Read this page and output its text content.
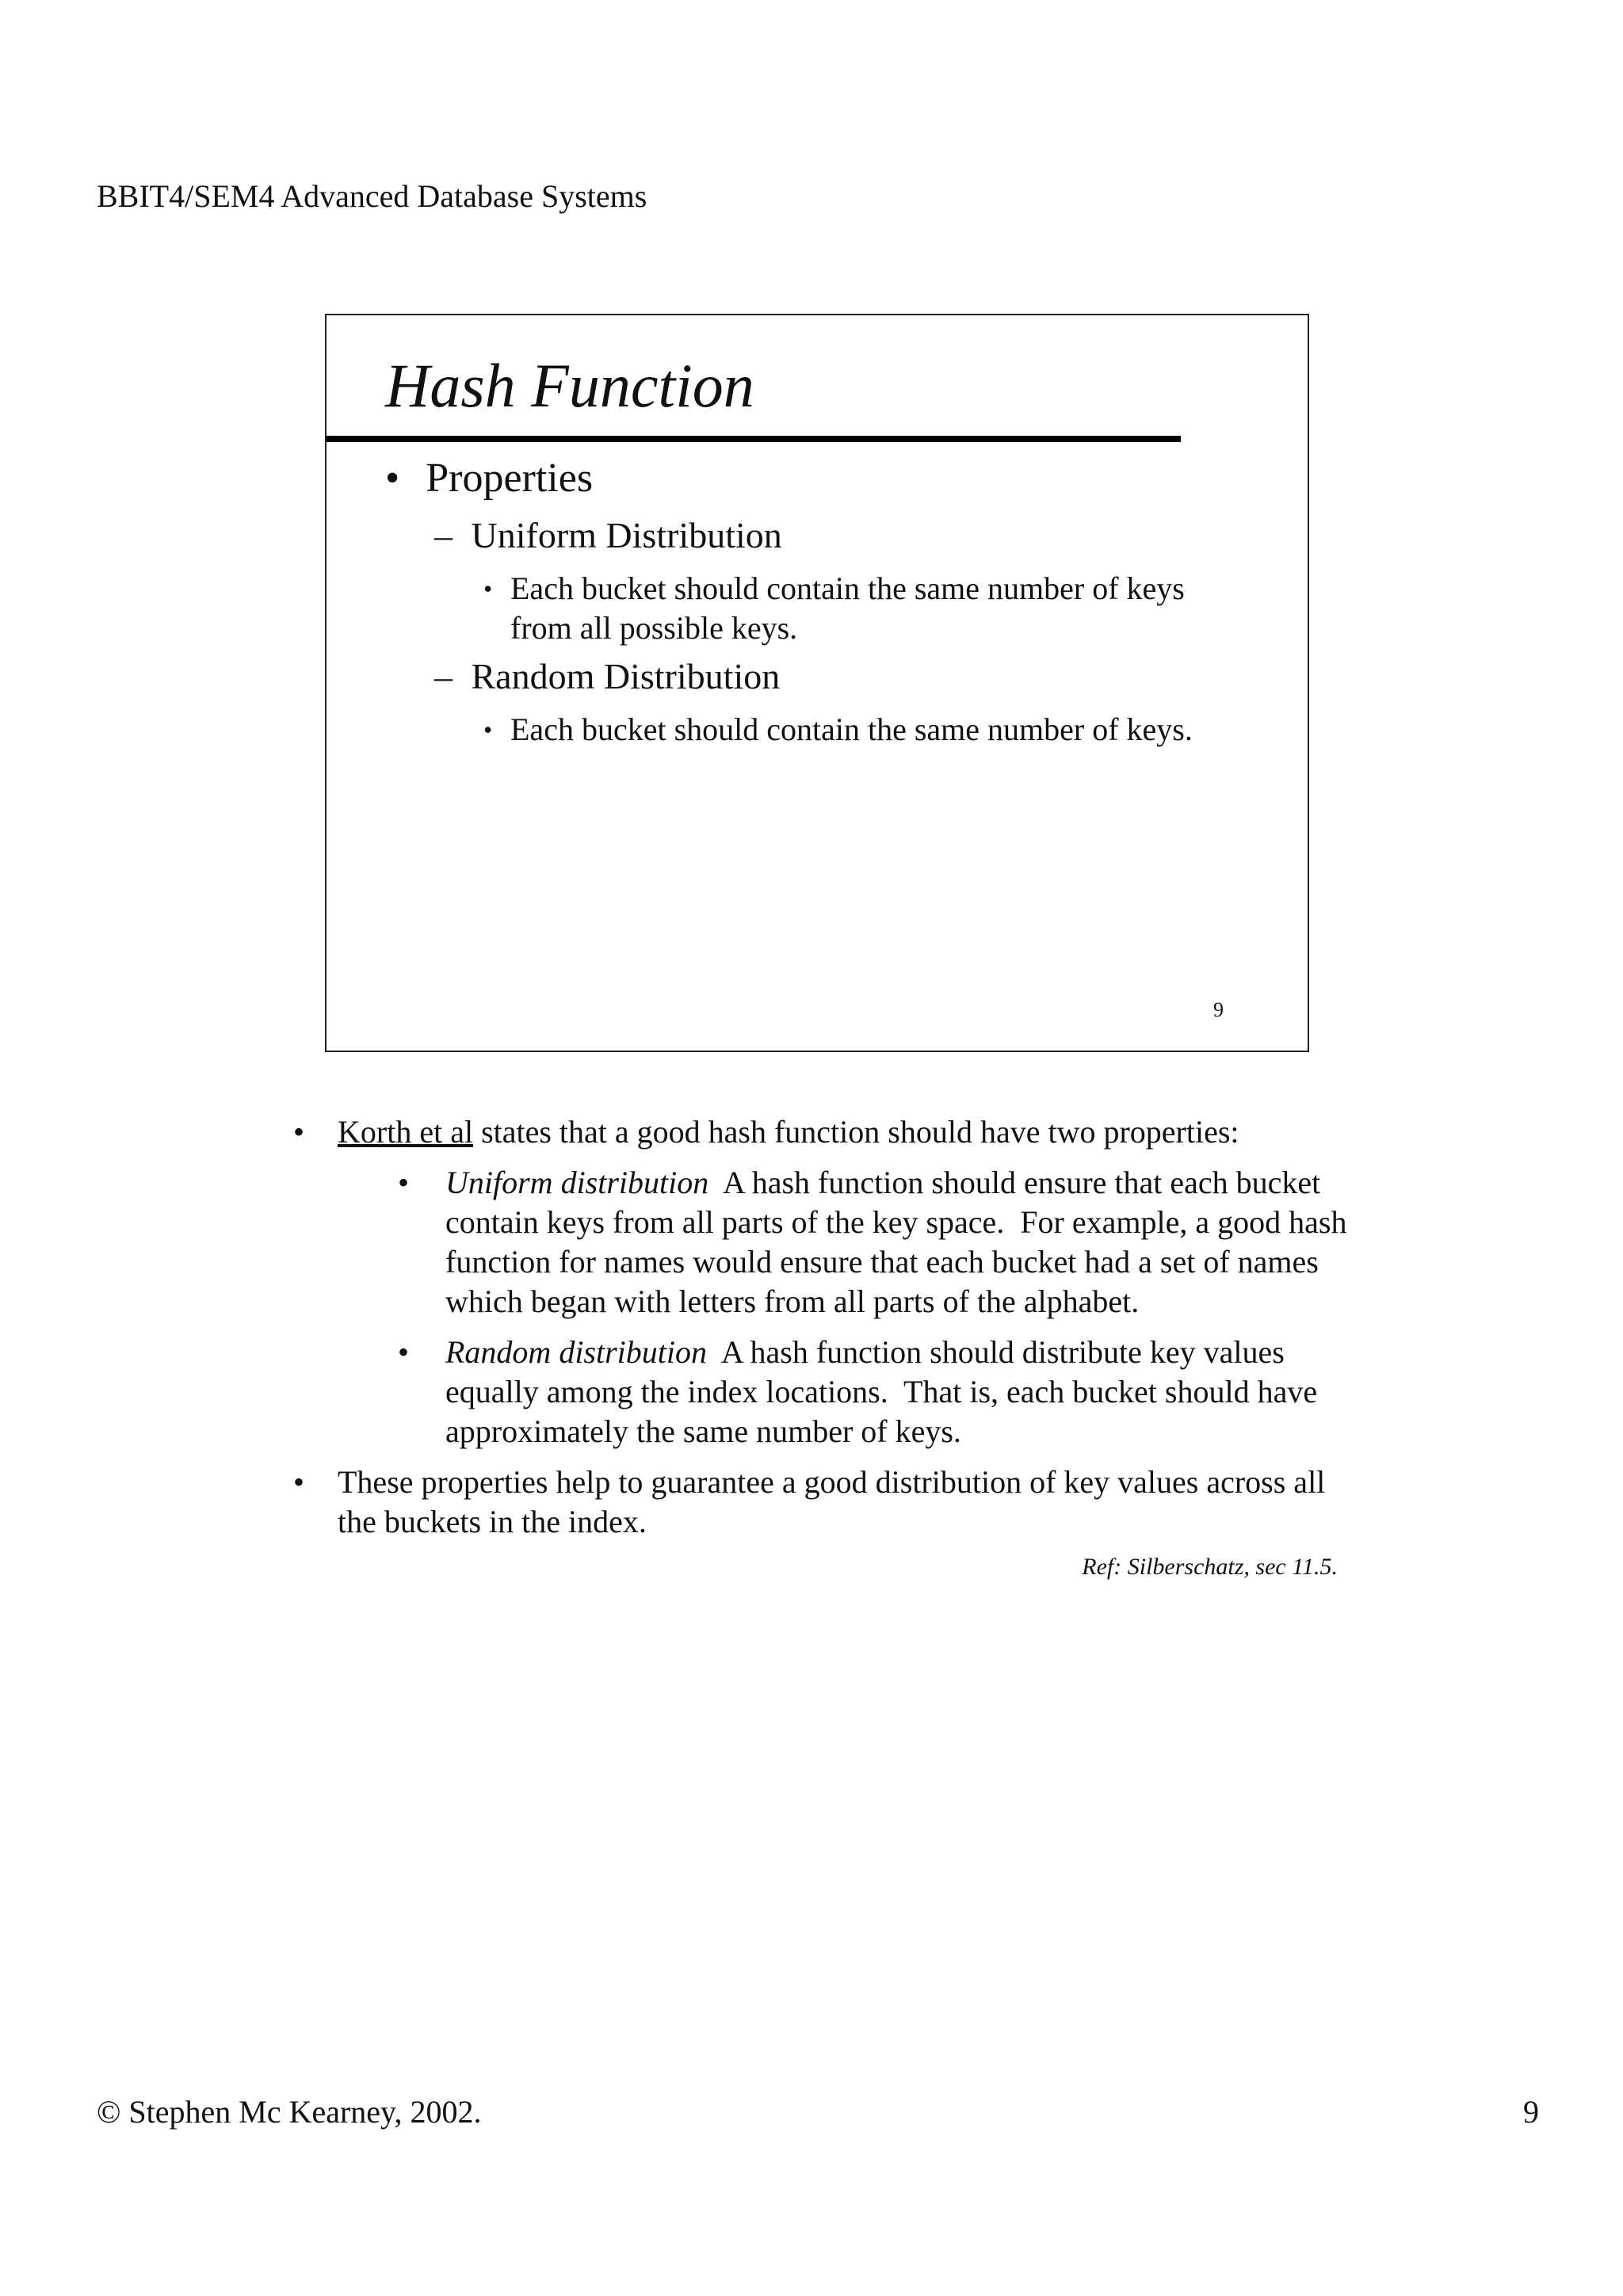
BBIT4/SEM4 Advanced Database Systems
Hash Function
• Properties
– Uniform Distribution
• Each bucket should contain the same number of keys from all possible keys.
– Random Distribution
• Each bucket should contain the same number of keys.
9
• Korth et al states that a good hash function should have two properties:
• Uniform distribution  A hash function should ensure that each bucket contain keys from all parts of the key space.  For example, a good hash function for names would ensure that each bucket had a set of names which began with letters from all parts of the alphabet.
• Random distribution  A hash function should distribute key values equally among the index locations.  That is, each bucket should have approximately the same number of keys.
• These properties help to guarantee a good distribution of key values across all the buckets in the index.
Ref: Silberschatz, sec 11.5.
© Stephen Mc Kearney, 2002.	9
